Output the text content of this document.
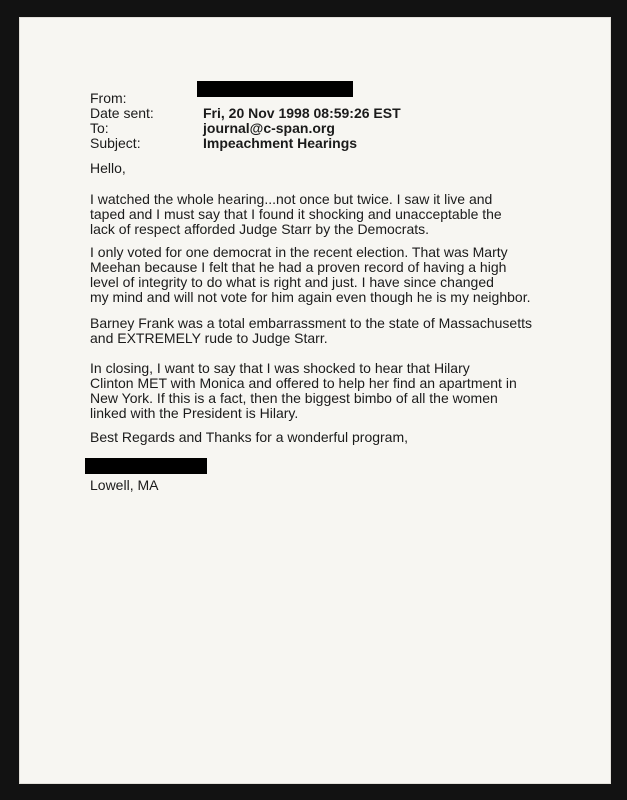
From:
Date sent:	Fri, 20 Nov 1998 08:59:26 EST
To:	journal@c-span.org
Subject:	Impeachment Hearings
Hello,
I watched the whole hearing...not once but twice. I saw it live and
taped and I must say that I found it shocking and unacceptable the
lack of respect afforded Judge Starr by the Democrats.
I only voted for one democrat in the recent election. That was Marty
Meehan because I felt that he had a proven record of having a high
level of integrity to do what is right and just. I have since changed
my mind and will not vote for him again even though he is my neighbor.
Barney Frank was a total embarrassment to the state of Massachusetts
and EXTREMELY rude to Judge Starr.
In closing, I want to say that I was shocked to hear that Hilary
Clinton MET with Monica and offered to help her find an apartment in
New York. If this is a fact, then the biggest bimbo of all the women
linked with the President is Hilary.
Best Regards and Thanks for a wonderful program,
Lowell, MA
